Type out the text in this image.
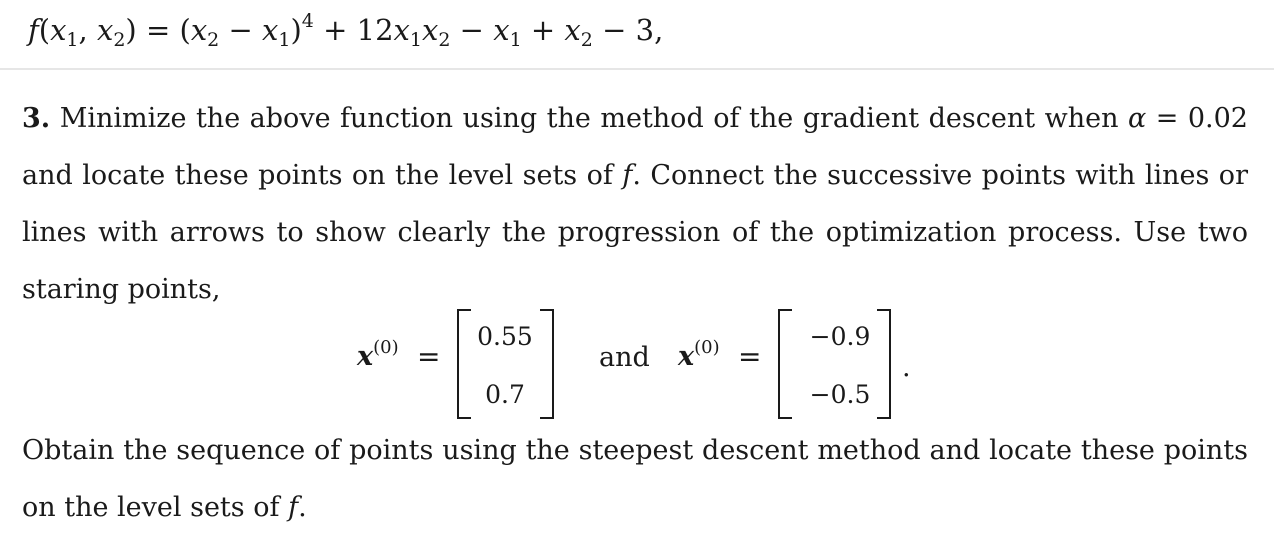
$f(x_1$, $x_2) = (x_2 - x_1)^4 + 12x_1x_2 - x_1 + x_2 - 3$,
3. Minimize the above function using the method of the gradient descent when α = 0.02 and locate these points on the level sets of f. Connect the successive points with lines or lines with arrows to show clearly the progression of the optimization process. Use two staring points,
$x^{(0)}$ =
0.55
0.7
and $x^{(0)}$ =
−0.9
−0.5
.
Obtain the sequence of points using the steepest descent method and locate these points on the level sets of f.
